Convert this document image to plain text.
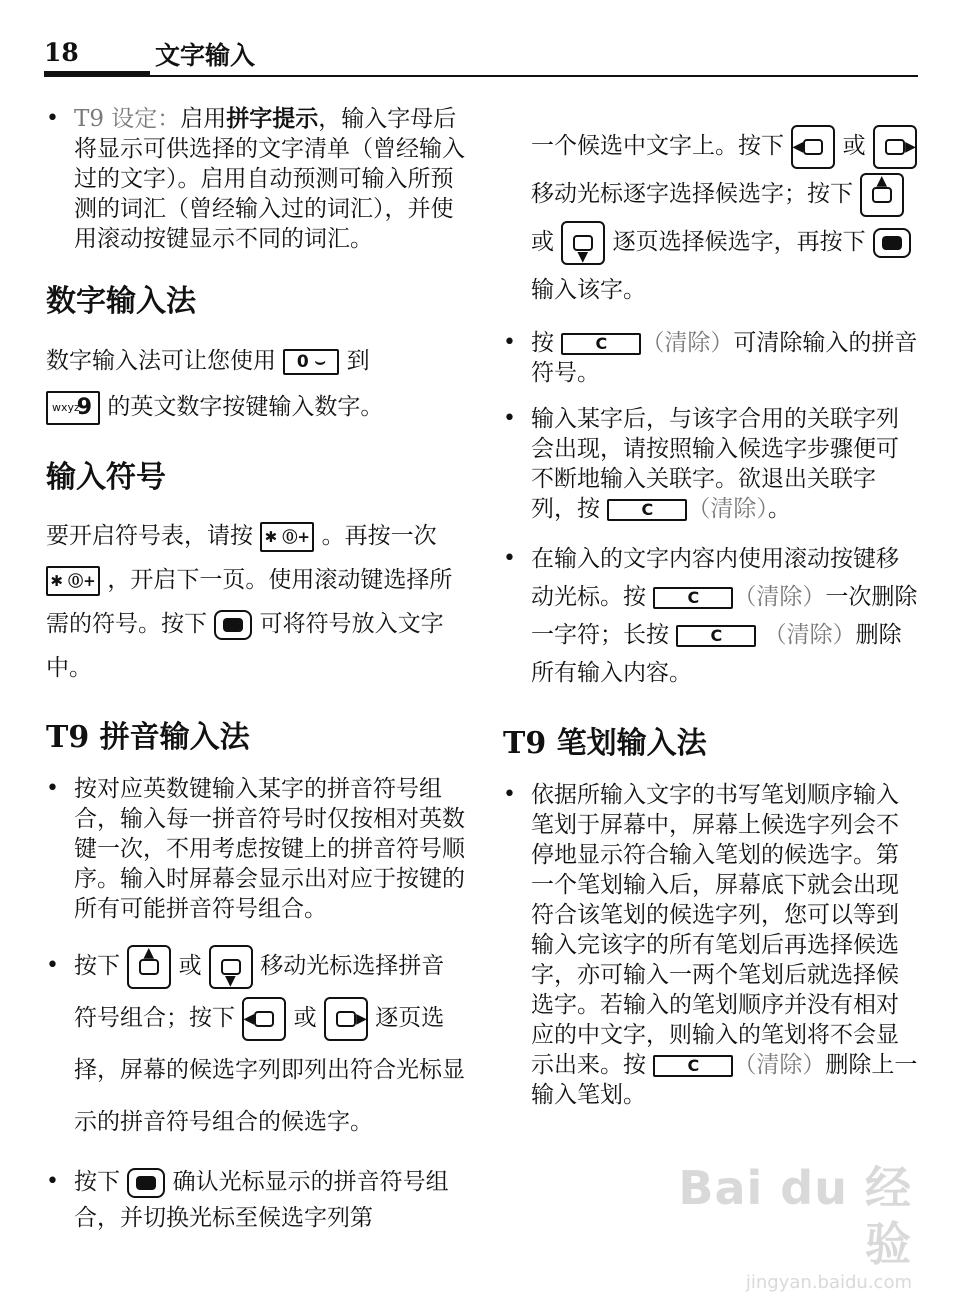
18	文字输入

• T9 设定：启用拼字提示，输入字母后将显示可供选择的文字清单（曾经输入过的文字）。启用自动预测可输入所预测的词汇（曾经输入过的词汇），并使用滚动按键显示不同的词汇。

数字输入法

数字输入法可让您使用 0 ⌣ 到

wxyz
9 的英文数字按键输入数字。

输入符号

要开启符号表，请按 ✱ ⓪+ 。再按一次 ✱ ⓪+ ，开启下一页。使用滚动键选择所需的符号。按下 可将符号放入文字中。

T9 拼音输入法

• 按对应英数键输入某字的拼音符号组合，输入每一拼音符号时仅按相对英数键一次，不用考虑按键上的拼音符号顺序。输入时屏幕会显示出对应于按键的所有可能拼音符号组合。

• 按下
▲
或
▼
移动光标选择拼音符号组合；按下 ◀ 或	▶ 逐页选择，屏幕的候选字列即列出符合光标显示的拼音符号组合的候选字。

• 按下 确认光标显示的拼音符号组合，并切换光标至候选字列第

一个候选中文字上。按下 ◀ 或	▶
移动光标逐字选择候选字；按下
▲
或
▼
逐页选择候选字，再按下  输入该字。

• 按	C （清除）可清除输入的拼音符号。

• 输入某字后，与该字合用的关联字列会出现，请按照输入候选字步骤便可不断地输入关联字。欲退出关联字列，按	C （清除）。

• 在输入的文字内容内使用滚动按键移动光标。按	C （清除）一次删除一字符；长按	C （清除）删除所有输入内容。

T9 笔划输入法

• 依据所输入文字的书写笔划顺序输入笔划于屏幕中，屏幕上候选字列会不停地显示符合输入笔划的候选字。第一个笔划输入后，屏幕底下就会出现符合该笔划的候选字列，您可以等到输入完该字的所有笔划后再选择候选字，亦可输入一两个笔划后就选择候选字。若输入的笔划顺序并没有相对应的中文字，则输入的笔划将不会显示出来。按	C （清除）删除上一输入笔划。

Bai du 经验
jingyan.baidu.com
